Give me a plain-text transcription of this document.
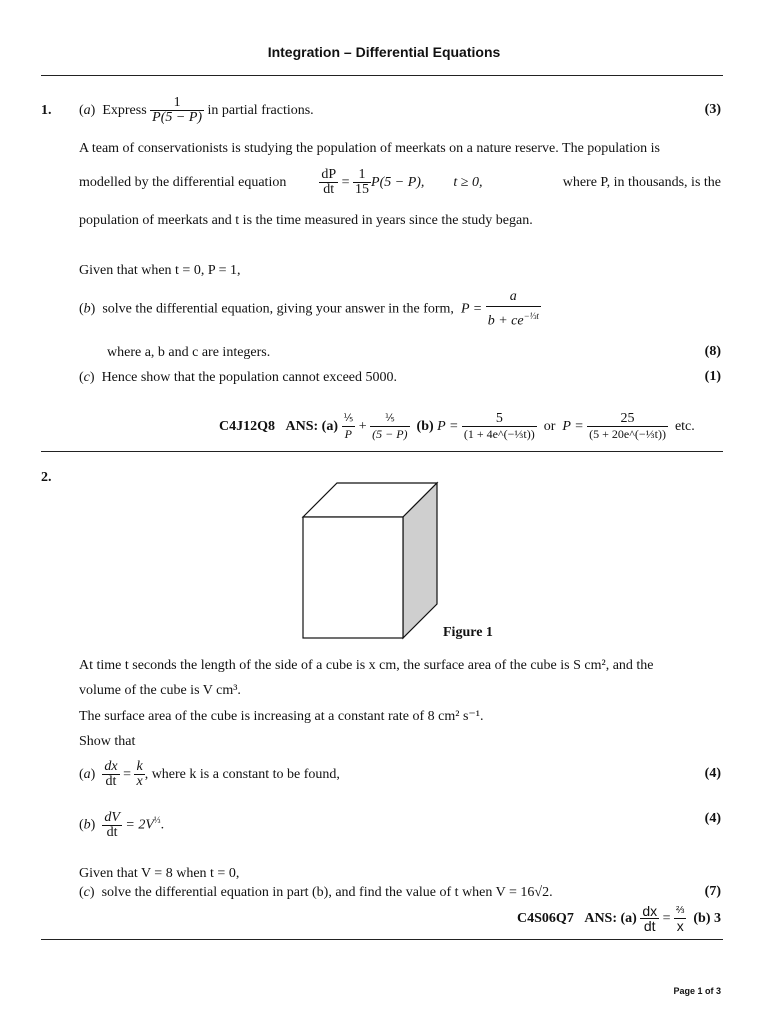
Integration – Differential Equations
1. (a) Express $\frac{1}{P(5 - P)}$ in partial fractions.	(3)
A team of conservationists is studying the population of meerkats on a nature reserve. The population is
modelled by the differential equation $\frac{dP}{dt} = \frac{1}{15} P(5 - P)$, t ≥ 0,	where P, in thousands, is the
population of meerkats and t is the time measured in years since the study began.
Given that when t = 0, P = 1,
(b) solve the differential equation, giving your answer in the form, $P = \frac{a}{b + ce^{-\frac{1}{3}t}}$
where a, b and c are integers.	(8)
(c) Hence show that the population cannot exceed 5000.	(1)
C4J12Q8 ANS: $(a) \frac{\text{⅕}}{P} + \frac{\text{⅕}}{(5 - P)} (b) P = \frac{5}{\text{(1 + 4e\textasciicircum{}(−⅓t))}}$ or $P = \frac{25}{\text{(5 + 20e\textasciicircum{}(−⅓t))}}$ etc.
2.
Figure 1
At time t seconds the length of the side of a cube is x cm, the surface area of the cube is S cm², and the
volume of the cube is V cm³.
The surface area of the cube is increasing at a constant rate of 8 cm² s⁻¹.
Show that
$(a) \frac{dx}{dt} = \frac{k}{x}$ , where k is a constant to be found,	(4)
$(b) \frac{dV}{dt} = 2V^{\frac{1}{3}}$.	(4)
Given that V = 8 when t = 0,
(c) solve the differential equation in part (b), and find the value of t when V = 16√2.	(7)
C4S06Q7 ANS: $(a) \frac{dx}{dt} = \frac{\text{⅔}}{x} (b)$ 3
Page 1 of 3
